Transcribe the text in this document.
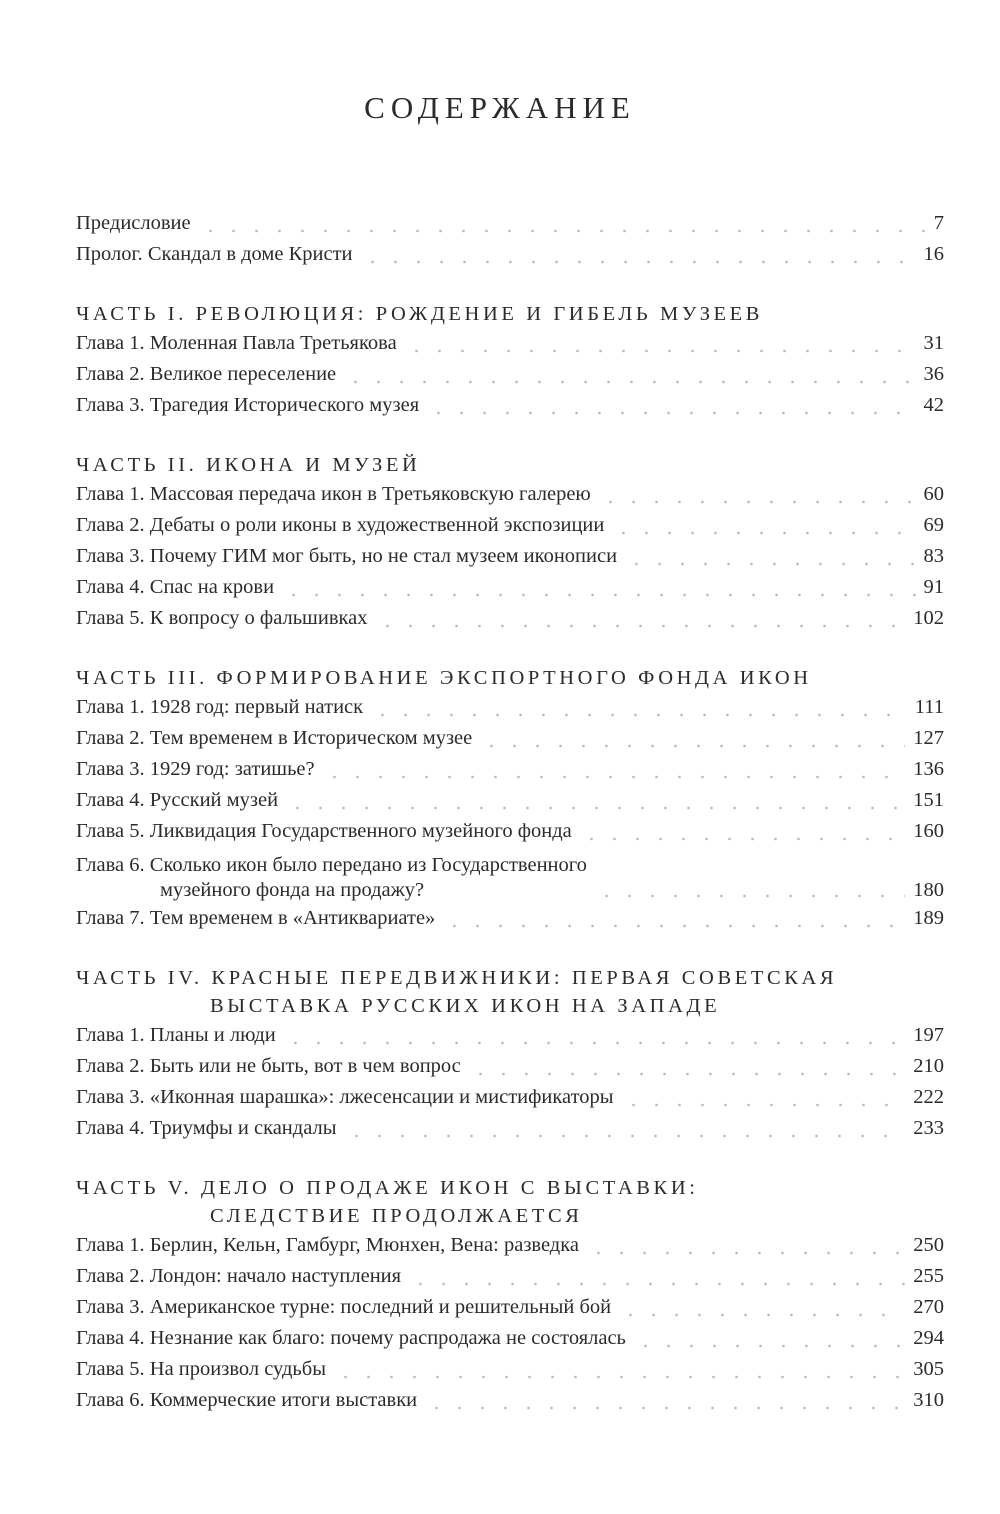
СОДЕРЖАНИЕ
Предисловие	7
Пролог. Скандал в доме Кристи	16
ЧАСТЬ I. РЕВОЛЮЦИЯ: РОЖДЕНИЕ И ГИБЕЛЬ МУЗЕЕВ
Глава 1. Моленная Павла Третьякова	31
Глава 2. Великое переселение	36
Глава 3. Трагедия Исторического музея	42
ЧАСТЬ II. ИКОНА И МУЗЕЙ
Глава 1. Массовая передача икон в Третьяковскую галерею	60
Глава 2. Дебаты о роли иконы в художественной экспозиции	69
Глава 3. Почему ГИМ мог быть, но не стал музеем иконописи	83
Глава 4. Спас на крови	91
Глава 5. К вопросу о фальшивках	102
ЧАСТЬ III. ФОРМИРОВАНИЕ ЭКСПОРТНОГО ФОНДА ИКОН
Глава 1. 1928 год: первый натиск	111
Глава 2. Тем временем в Историческом музее	127
Глава 3. 1929 год: затишье?	136
Глава 4. Русский музей	151
Глава 5. Ликвидация Государственного музейного фонда	160
Глава 6. Сколько икон было передано из Государственного
музейного фонда на продажу?	180
Глава 7. Тем временем в «Антиквариате»	189
ЧАСТЬ IV. КРАСНЫЕ ПЕРЕДВИЖНИКИ: ПЕРВАЯ СОВЕТСКАЯ
ВЫСТАВКА РУССКИХ ИКОН НА ЗАПАДЕ
Глава 1. Планы и люди	197
Глава 2. Быть или не быть, вот в чем вопрос	210
Глава 3. «Иконная шарашка»: лжесенсации и мистификаторы	222
Глава 4. Триумфы и скандалы	233
ЧАСТЬ V. ДЕЛО О ПРОДАЖЕ ИКОН С ВЫСТАВКИ:
СЛЕДСТВИЕ ПРОДОЛЖАЕТСЯ
Глава 1. Берлин, Кельн, Гамбург, Мюнхен, Вена: разведка	250
Глава 2. Лондон: начало наступления	255
Глава 3. Американское турне: последний и решительный бой	270
Глава 4. Незнание как благо: почему распродажа не состоялась	294
Глава 5. На произвол судьбы	305
Глава 6. Коммерческие итоги выставки	310
